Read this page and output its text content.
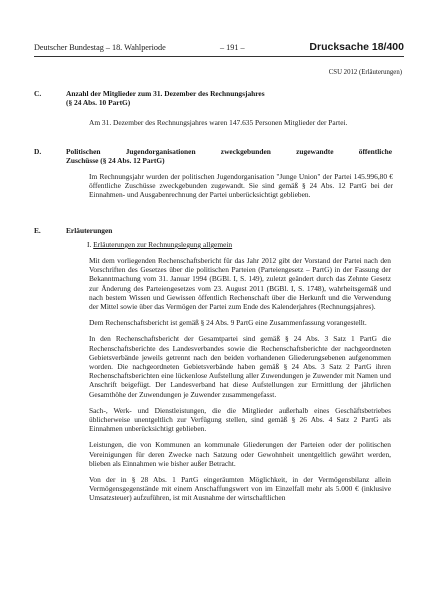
Deutscher Bundestag – 18. Wahlperiode	– 191 –	Drucksache 18/400
CSU 2012 (Erläuterungen)
C.	Anzahl der Mitglieder zum 31. Dezember des Rechnungsjahres
(§ 24 Abs. 10 PartG)

Am 31. Dezember des Rechnungsjahres waren 147.635 Personen Mitglieder der Partei.

D.	Politischen Jugendorganisationen zweckgebunden zugewandte öffentliche
Zuschüsse (§ 24 Abs. 12 PartG)

Im Rechnungsjahr wurden der politischen Jugendorganisation "Junge Union" der Partei 145.996,80 € öffentliche Zuschüsse zweckgebunden zugewandt. Sie sind gemäß § 24 Abs. 12 PartG bei der Einnahmen- und Ausgabenrechnung der Partei unberücksichtigt geblieben.

E.	Erläuterungen
I. Erläuterungen zur Rechnungslegung allgemein

Mit dem vorliegenden Rechenschaftsbericht für das Jahr 2012 gibt der Vorstand der Partei nach den Vorschriften des Gesetzes über die politischen Parteien (Parteiengesetz – PartG) in der Fassung der Bekanntmachung vom 31. Januar 1994 (BGBl. I, S. 149), zuletzt geändert durch das Zehnte Gesetz zur Änderung des Parteiengesetzes vom 23. August 2011 (BGBl. I, S. 1748), wahrheitsgemäß und nach bestem Wissen und Gewissen öffentlich Rechenschaft über die Herkunft und die Verwendung der Mittel sowie über das Vermögen der Partei zum Ende des Kalenderjahres (Rechnungsjahres).

Dem Rechenschaftsbericht ist gemäß § 24 Abs. 9 PartG eine Zusammenfassung vorangestellt.

In den Rechenschaftsbericht der Gesamtpartei sind gemäß § 24 Abs. 3 Satz 1 PartG die Rechenschaftsberichte des Landesverbandes sowie die Rechenschaftsberichte der nachgeordneten Gebietsverbände jeweils getrennt nach den beiden vorhandenen Gliederungsebenen aufgenommen worden. Die nachgeordneten Gebietsverbände haben gemäß § 24 Abs. 3 Satz 2 PartG ihren Rechenschaftsberichten eine lückenlose Aufstellung aller Zuwendungen je Zuwender mit Namen und Anschrift beigefügt. Der Landesverband hat diese Aufstellungen zur Ermittlung der jährlichen Gesamthöhe der Zuwendungen je Zuwender zusammengefasst.

Sach-, Werk- und Dienstleistungen, die die Mitglieder außerhalb eines Geschäftsbetriebes üblicherweise unentgeltlich zur Verfügung stellen, sind gemäß § 26 Abs. 4 Satz 2 PartG als Einnahmen unberücksichtigt geblieben.

Leistungen, die von Kommunen an kommunale Gliederungen der Parteien oder der politischen Vereinigungen für deren Zwecke nach Satzung oder Gewohnheit unentgeltlich gewährt werden, blieben als Einnahmen wie bisher außer Betracht.

Von der in § 28 Abs. 1 PartG eingeräumten Möglichkeit, in der Vermögensbilanz allein Vermögensgegenstände mit einem Anschaffungswert von im Einzelfall mehr als 5.000 € (inklusive Umsatzsteuer) aufzuführen, ist mit Ausnahme der wirtschaftlichen
